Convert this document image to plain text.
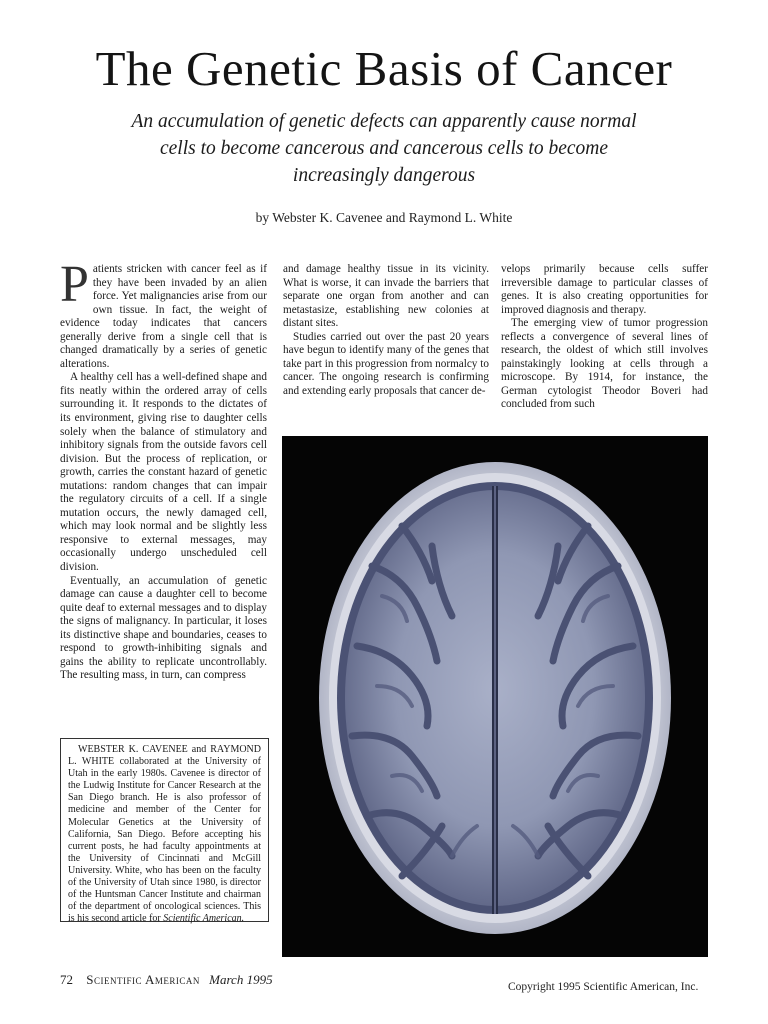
The Genetic Basis of Cancer
An accumulation of genetic defects can apparently cause normal cells to become cancerous and cancerous cells to become increasingly dangerous
by Webster K. Cavenee and Raymond L. White

Patients stricken with cancer feel as if they have been invaded by an alien force. Yet malignancies arise from our own tissue. In fact, the weight of evidence today indicates that cancers generally derive from a single cell that is changed dramatically by a series of genetic alterations.

A healthy cell has a well-defined shape and fits neatly within the ordered array of cells surrounding it. It responds to the dictates of its environment, giving rise to daughter cells solely when the balance of stimulatory and inhibitory signals from the outside favors cell division. But the process of replication, or growth, carries the constant hazard of genetic mutations: random changes that can impair the regulatory circuits of a cell. If a single mutation occurs, the newly damaged cell, which may look normal and be slightly less responsive to external messages, may occasionally undergo unscheduled cell division.

Eventually, an accumulation of genetic damage can cause a daughter cell to become quite deaf to external messages and to display the signs of malignancy. In particular, it loses its distinctive shape and boundaries, ceases to respond to growth-inhibiting signals and gains the ability to replicate uncontrollably. The resulting mass, in turn, can compress

and damage healthy tissue in its vicinity. What is worse, it can invade the barriers that separate one organ from another and can metastasize, establishing new colonies at distant sites.

Studies carried out over the past 20 years have begun to identify many of the genes that take part in this progression from normalcy to cancer. The ongoing research is confirming and extending early proposals that cancer de-

velops primarily because cells suffer irreversible damage to particular classes of genes. It is also creating opportunities for improved diagnosis and therapy.

The emerging view of tumor progression reflects a convergence of several lines of research, the oldest of which still involves painstakingly looking at cells through a microscope. By 1914, for instance, the German cytologist Theodor Boveri had concluded from such

WEBSTER K. CAVENEE and RAYMOND L. WHITE collaborated at the University of Utah in the early 1980s. Cavenee is director of the Ludwig Institute for Cancer Research at the San Diego branch. He is also professor of medicine and member of the Center for Molecular Genetics at the University of California, San Diego. Before accepting his current posts, he had faculty appointments at the University of Cincinnati and McGill University. White, who has been on the faculty of the University of Utah since 1980, is director of the Huntsman Cancer Institute and chairman of the department of oncological sciences. This is his second article for Scientific American.

72 Scientific American March 1995	Copyright 1995 Scientific American, Inc.
